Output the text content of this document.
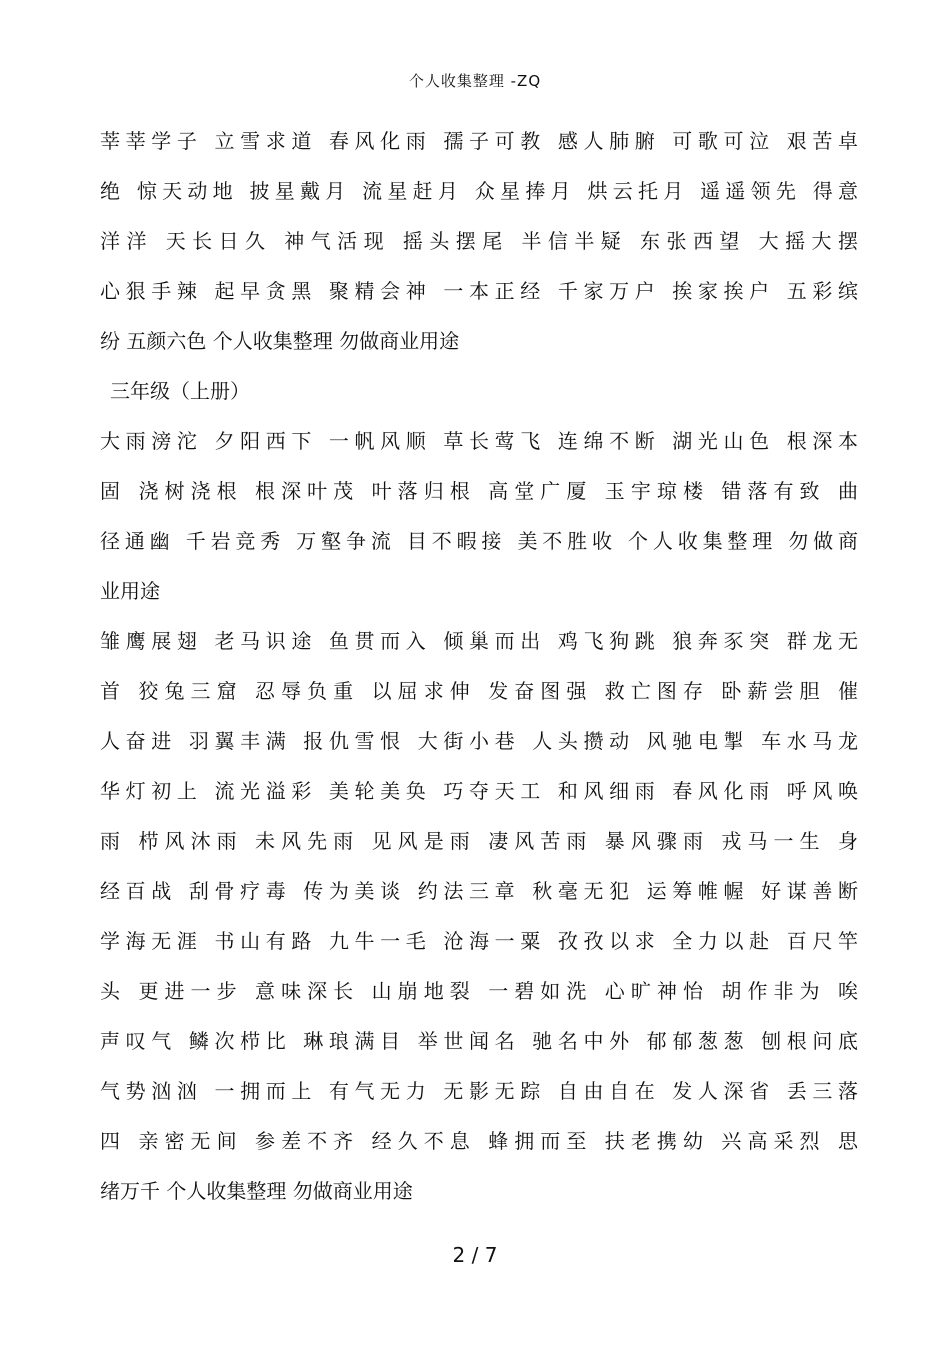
个人收集整理 -ZQ
莘莘学子 立雪求道 春风化雨 孺子可教 感人肺腑 可歌可泣 艰苦卓
绝 惊天动地 披星戴月 流星赶月 众星捧月 烘云托月 遥遥领先 得意
洋洋 天长日久 神气活现 摇头摆尾 半信半疑 东张西望 大摇大摆
心狠手辣 起早贪黑 聚精会神 一本正经 千家万户 挨家挨户 五彩缤
纷 五颜六色 个人收集整理 勿做商业用途
三年级（上册）
大雨滂沱 夕阳西下 一帆风顺 草长莺飞 连绵不断 湖光山色 根深本
固 浇树浇根 根深叶茂 叶落归根 高堂广厦 玉宇琼楼 错落有致 曲
径通幽 千岩竞秀 万壑争流 目不暇接 美不胜收 个人收集整理 勿做商
业用途
雏鹰展翅 老马识途 鱼贯而入 倾巢而出 鸡飞狗跳 狼奔豕突 群龙无
首 狡兔三窟 忍辱负重 以屈求伸 发奋图强 救亡图存 卧薪尝胆 催
人奋进 羽翼丰满 报仇雪恨 大街小巷 人头攒动 风驰电掣 车水马龙
华灯初上 流光溢彩 美轮美奂 巧夺天工 和风细雨 春风化雨 呼风唤
雨 栉风沐雨 未风先雨 见风是雨 凄风苦雨 暴风骤雨 戎马一生 身
经百战 刮骨疗毒 传为美谈 约法三章 秋毫无犯 运筹帷幄 好谋善断
学海无涯 书山有路 九牛一毛 沧海一粟 孜孜以求 全力以赴 百尺竿
头 更进一步 意味深长 山崩地裂 一碧如洗 心旷神怡 胡作非为 唉
声叹气 鳞次栉比 琳琅满目 举世闻名 驰名中外 郁郁葱葱 刨根问底
气势汹汹 一拥而上 有气无力 无影无踪 自由自在 发人深省 丢三落
四 亲密无间 参差不齐 经久不息 蜂拥而至 扶老携幼 兴高采烈 思
绪万千 个人收集整理 勿做商业用途
2 / 7
